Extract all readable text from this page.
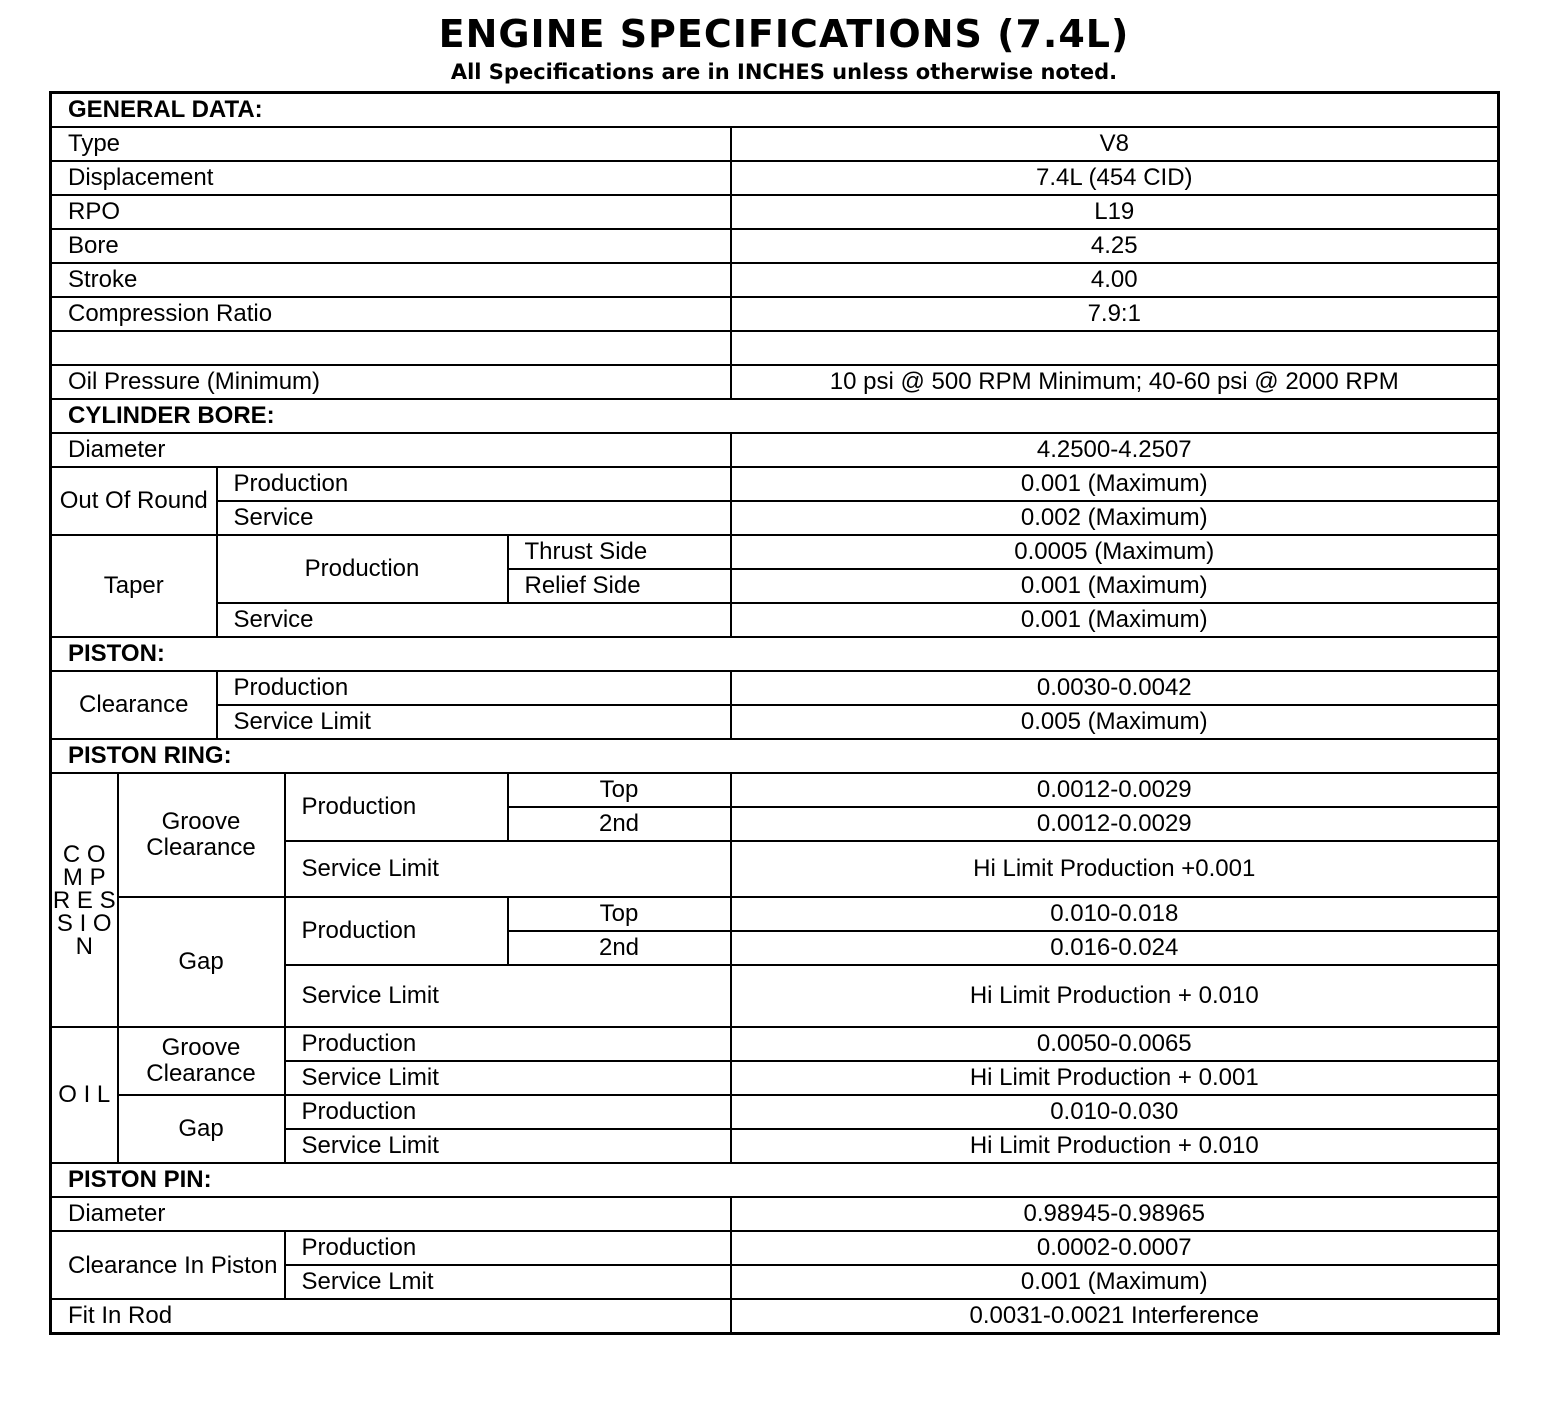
ENGINE SPECIFICATIONS (7.4L)
All Specifications are in INCHES unless otherwise noted.
GENERAL DATA:					
Type					V8
Displacement					7.4L (454 CID)
RPO					L19
Bore					4.25
Stroke					4.00
Compression Ratio					7.9:1

Oil Pressure (Minimum)					10 psi @ 500 RPM Minimum; 40-60 psi @ 2000 RPM
CYLINDER BORE:					
Diameter					4.2500-4.2507
Out Of Round		Production			0.001 (Maximum)
		Service			0.002 (Maximum)
Taper		Production		Thrust Side	0.0005 (Maximum)
				Relief Side	0.001 (Maximum)
		Service			0.001 (Maximum)
PISTON:					
Clearance		Production			0.0030-0.0042
		Service Limit			0.005 (Maximum)
PISTON RING:					
C O M P R E S S I O N	Groove Clearance		Production	Top	0.0012-0.0029
				2nd	0.0012-0.0029
			Service Limit		Hi Limit Production +0.001
	Gap		Production	Top	0.010-0.018
				2nd	0.016-0.024
			Service Limit		Hi Limit Production + 0.010
O I L	Groove Clearance		Production		0.0050-0.0065
			Service Limit		Hi Limit Production + 0.001
	Gap		Production		0.010-0.030
			Service Limit		Hi Limit Production + 0.010
PISTON PIN:					
Diameter					0.98945-0.98965
Clearance In Piston			Production		0.0002-0.0007
			Service Lmit		0.001 (Maximum)
Fit In Rod					0.0031-0.0021 Interference
